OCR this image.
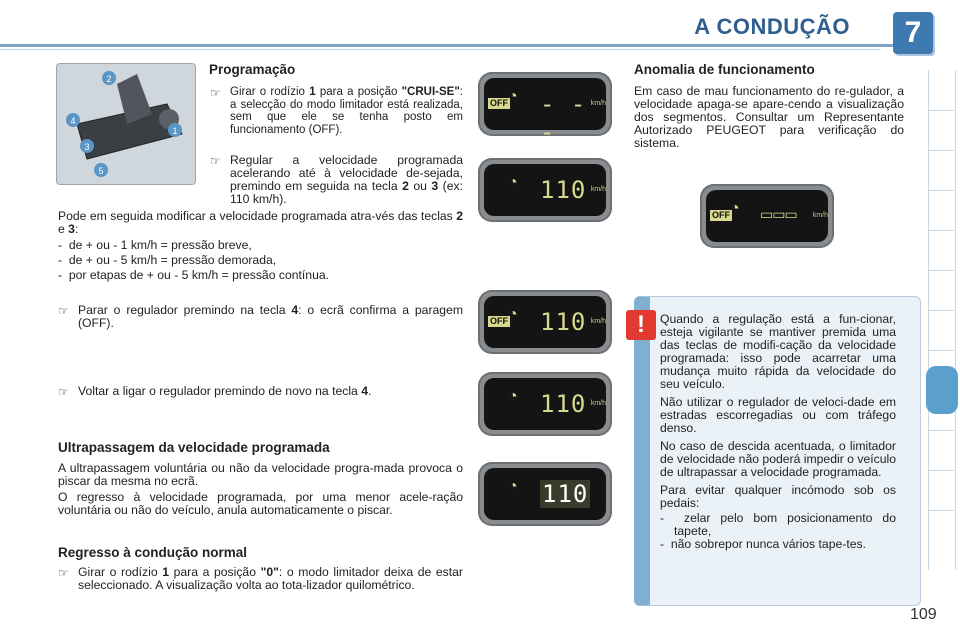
A CONDUÇÃO	7
2
4
1
3
5
Programação
☞ Girar o rodízio 1 para a posição "CRUI-SE": a selecção do modo limitador está realizada, sem que ele se tenha posto em funcionamento (OFF).
☞ Regular a velocidade programada acelerando até à velocidade de-sejada, premindo em seguida na tecla 2 ou 3 (ex: 110 km/h).
Pode em seguida modificar a velocidade programada atra-vés das teclas 2 e 3:
-  de + ou - 1 km/h = pressão breve,
-  de + ou - 5 km/h = pressão demorada,
-  por etapas de + ou - 5 km/h = pressão contínua.
☞ Parar o regulador premindo na tecla 4: o ecrã confirma a paragem (OFF).
☞ Voltar a ligar o regulador premindo de novo na tecla 4.
Ultrapassagem da velocidade programada
A ultrapassagem voluntária ou não da velocidade progra-mada provoca o piscar da mesma no ecrã.
O regresso à velocidade programada, por uma menor acele-ração voluntária ou não do veículo, anula automaticamente o piscar.
Regresso à condução normal
☞ Girar o rodízio 1 para a posição "0": o modo limitador deixa de estar seleccionado. A visualização volta ao tota-lizador quilométrico.
OFF ◔ - - -
km/h
◔ 110 km/h
OFF ◔ 110 km/h
◔ 110 km/h
◔ 110
Anomalia de funcionamento
Em caso de mau funcionamento do re-gulador, a velocidade apaga-se apare-cendo a visualização dos segmentos. Consultar um Representante Autorizado PEUGEOT para verificação do sistema.
OFF ◔ ▭▭▭ km/h
!	Quando a regulação está a fun-cionar, esteja vigilante se mantiver premida uma das teclas de modifi-cação da velocidade programada: isso pode acarretar uma mudança muito rápida da velocidade do seu veículo.

Não utilizar o regulador de veloci-dade em estradas escorregadias ou com tráfego denso.

No caso de descida acentuada, o limitador de velocidade não poderá impedir o veículo de ultrapassar a velocidade programada.

Para evitar qualquer incómodo sob os pedais:

-  zelar pelo bom posicionamento do tapete,
-  não sobrepor nunca vários tape-tes.
109
